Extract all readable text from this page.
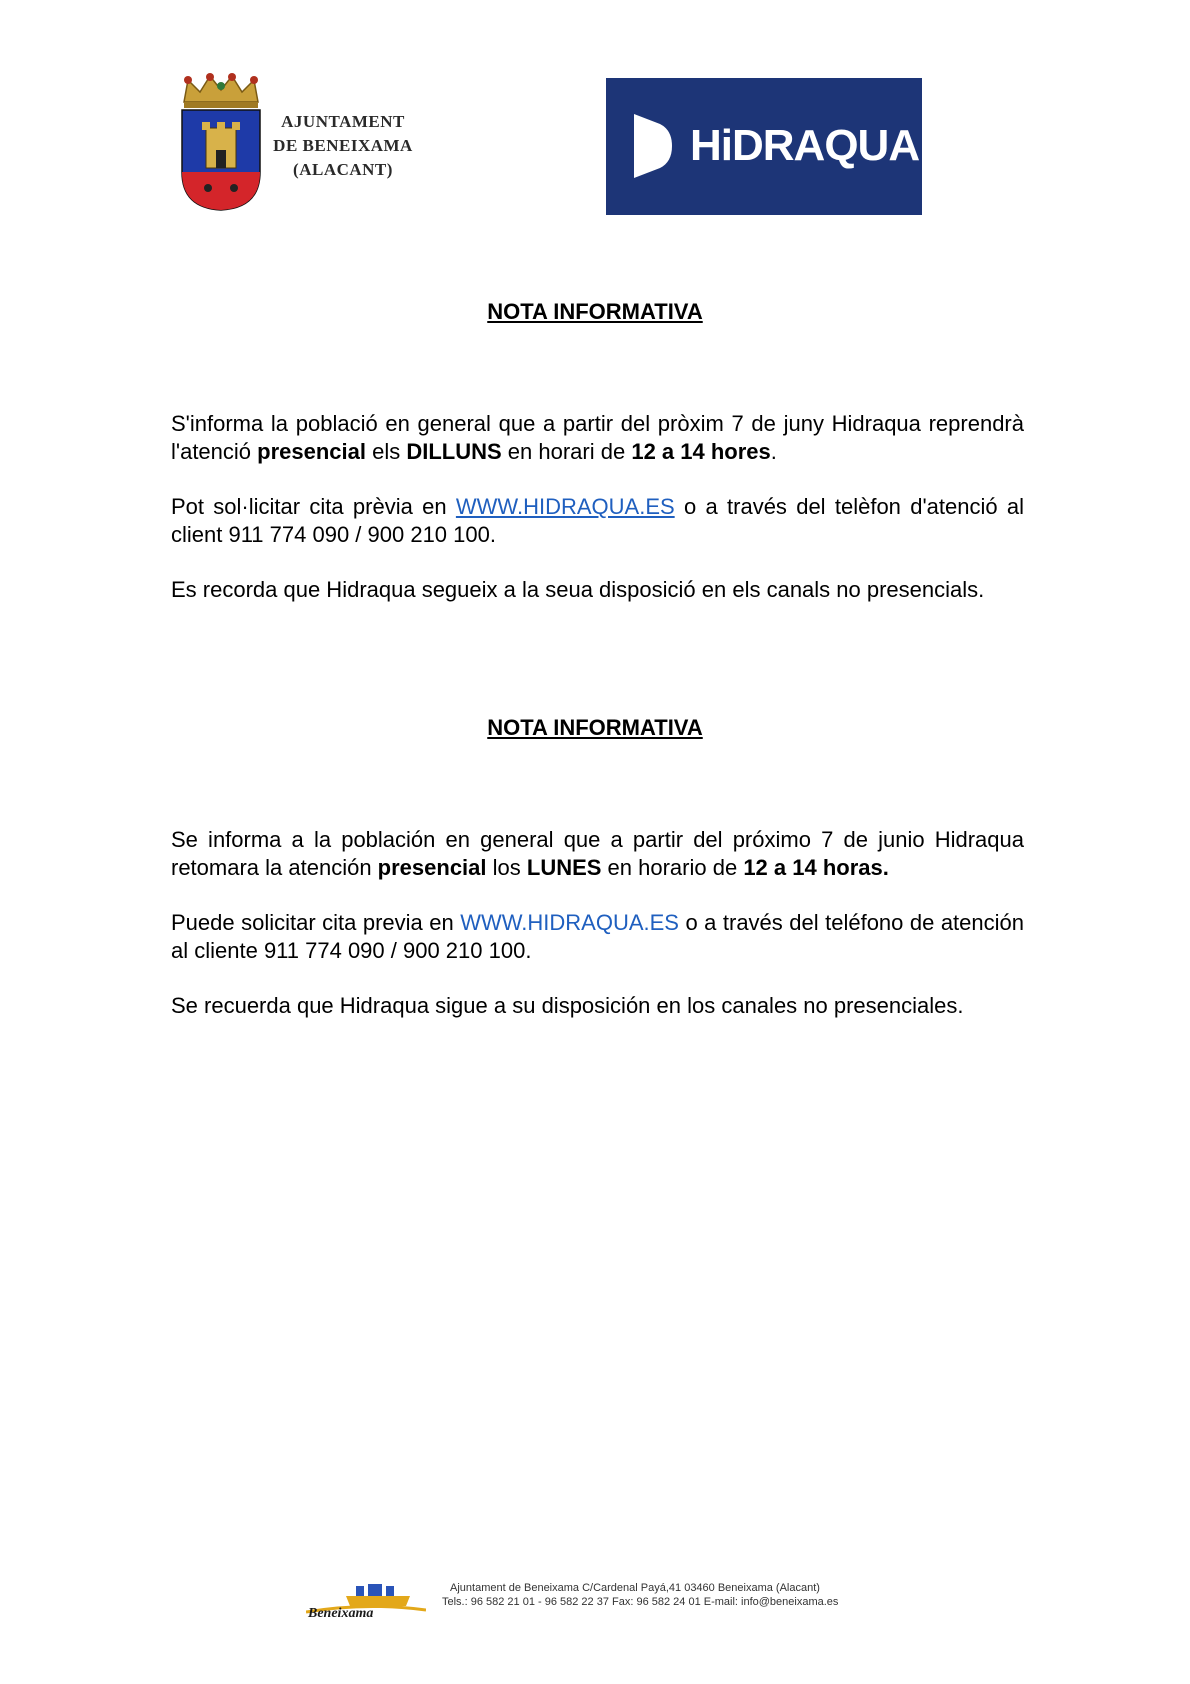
AJUNTAMENT
DE BENEIXAMA
(ALACANT)	HiDRAQUA
NOTA INFORMATIVA
S'informa la població en general que a partir del pròxim 7 de juny Hidraqua reprendrà l'atenció presencial els DILLUNS en horari de 12 a 14 hores.
Pot sol·licitar cita prèvia en WWW.HIDRAQUA.ES o a través del telèfon d'atenció al client 911 774 090 / 900 210 100.
Es recorda que Hidraqua segueix a la seua disposició en els canals no presencials.
NOTA INFORMATIVA
Se informa a la población en general que a partir del próximo 7 de junio Hidraqua retomara la atención presencial los LUNES en horario de 12 a 14 horas.
Puede solicitar cita previa en WWW.HIDRAQUA.ES o a través del teléfono de atención al cliente 911 774 090 / 900 210 100.
Se recuerda que Hidraqua sigue a su disposición en los canales no presenciales.
Beneixama
Ajuntament de Beneixama C/Cardenal Payá,41 03460 Beneixama (Alacant)
Tels.: 96 582 21 01 - 96 582 22 37 Fax: 96 582 24 01 E-mail: info@beneixama.es
